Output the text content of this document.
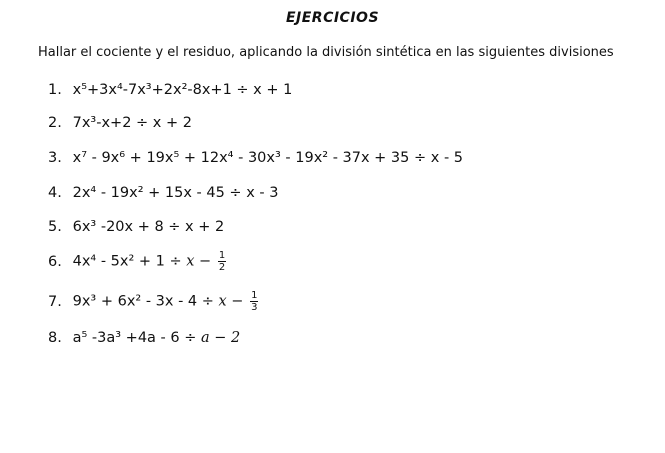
EJERCICIOS
Hallar el cociente y el residuo, aplicando la división sintética en las siguientes divisiones
1. x⁵+3x⁴-7x³+2x²-8x+1 ÷ x + 1
2. 7x³-x+2 ÷ x + 2
3. x⁷ - 9x⁶ + 19x⁵ + 12x⁴ - 30x³ - 19x² - 37x + 35 ÷ x - 5
4. 2x⁴ - 19x² + 15x - 45 ÷ x - 3
5. 6x³ -20x + 8 ÷ x + 2
6. $4x^4 - 5x^2 + 1 \div x - \frac{1}{2}$
7. $9x^3 + 6x^2 - 3x - 4 \div x - \frac{1}{3}$
8. a⁵ -3a³ +4a - 6 ÷ a − 2
